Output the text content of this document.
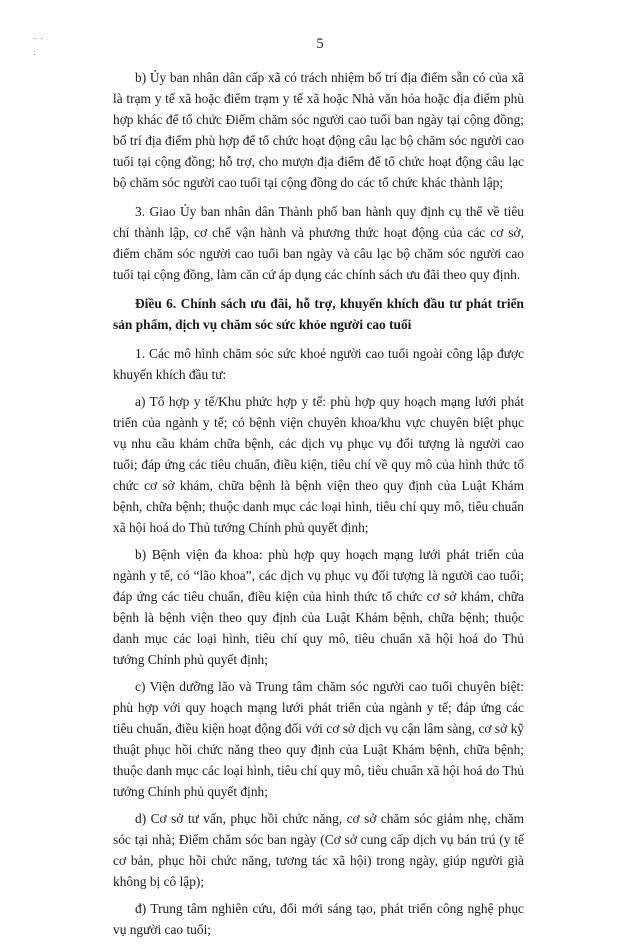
. .
:	5

b) Ủy ban nhân dân cấp xã có trách nhiệm bố trí địa điểm sẵn có của xã là trạm y tế xã hoặc điểm trạm y tế xã hoặc Nhà văn hóa hoặc địa điểm phù hợp khác để tổ chức Điểm chăm sóc người cao tuổi ban ngày tại cộng đồng; bố trí địa điểm phù hợp để tổ chức hoạt động câu lạc bộ chăm sóc người cao tuổi tại cộng đồng; hỗ trợ, cho mượn địa điểm để tổ chức hoạt động câu lạc bộ chăm sóc người cao tuổi tại cộng đồng do các tổ chức khác thành lập;

3. Giao Ủy ban nhân dân Thành phố ban hành quy định cụ thể về tiêu chí thành lập, cơ chế vận hành và phương thức hoạt động của các cơ sở, điểm chăm sóc người cao tuổi ban ngày và câu lạc bộ chăm sóc người cao tuổi tại cộng đồng, làm căn cứ áp dụng các chính sách ưu đãi theo quy định.

Điều 6. Chính sách ưu đãi, hỗ trợ, khuyến khích đầu tư phát triển sản phẩm, dịch vụ chăm sóc sức khỏe người cao tuổi

1. Các mô hình chăm sóc sức khoẻ người cao tuổi ngoài công lập được khuyến khích đầu tư:

a) Tổ hợp y tế/Khu phức hợp y tế: phù hợp quy hoạch mạng lưới phát triển của ngành y tế; có bệnh viện chuyên khoa/khu vực chuyên biệt phục vụ nhu cầu khám chữa bệnh, các dịch vụ phục vụ đối tượng là người cao tuổi; đáp ứng các tiêu chuẩn, điều kiện, tiêu chí về quy mô của hình thức tổ chức cơ sở khám, chữa bệnh là bệnh viện theo quy định của Luật Khám bệnh, chữa bệnh; thuộc danh mục các loại hình, tiêu chí quy mô, tiêu chuẩn xã hội hoá do Thủ tướng Chính phủ quyết định;

b) Bệnh viện đa khoa: phù hợp quy hoạch mạng lưới phát triển của ngành y tế, có “lão khoa”, các dịch vụ phục vụ đối tượng là người cao tuổi; đáp ứng các tiêu chuẩn, điều kiện của hình thức tổ chức cơ sở khám, chữa bệnh là bệnh viện theo quy định của Luật Khám bệnh, chữa bệnh; thuộc danh mục các loại hình, tiêu chí quy mô, tiêu chuẩn xã hội hoá do Thủ tướng Chính phủ quyết định;

c) Viện dưỡng lão và Trung tâm chăm sóc người cao tuổi chuyên biệt: phù hợp với quy hoạch mạng lưới phát triển của ngành y tế; đáp ứng các tiêu chuẩn, điều kiện hoạt động đối với cơ sở dịch vụ cận lâm sàng, cơ sở kỹ thuật phục hồi chức năng theo quy định của Luật Khám bệnh, chữa bệnh; thuộc danh mục các loại hình, tiêu chí quy mô, tiêu chuẩn xã hội hoá do Thủ tướng Chính phủ quyết định;

d) Cơ sở tư vấn, phục hồi chức năng, cơ sở chăm sóc giảm nhẹ, chăm sóc tại nhà; Điểm chăm sóc ban ngày (Cơ sở cung cấp dịch vụ bán trú (y tế cơ bản, phục hồi chức năng, tương tác xã hội) trong ngày, giúp người già không bị cô lập);

đ) Trung tâm nghiên cứu, đổi mới sáng tạo, phát triển công nghệ phục vụ người cao tuổi;
